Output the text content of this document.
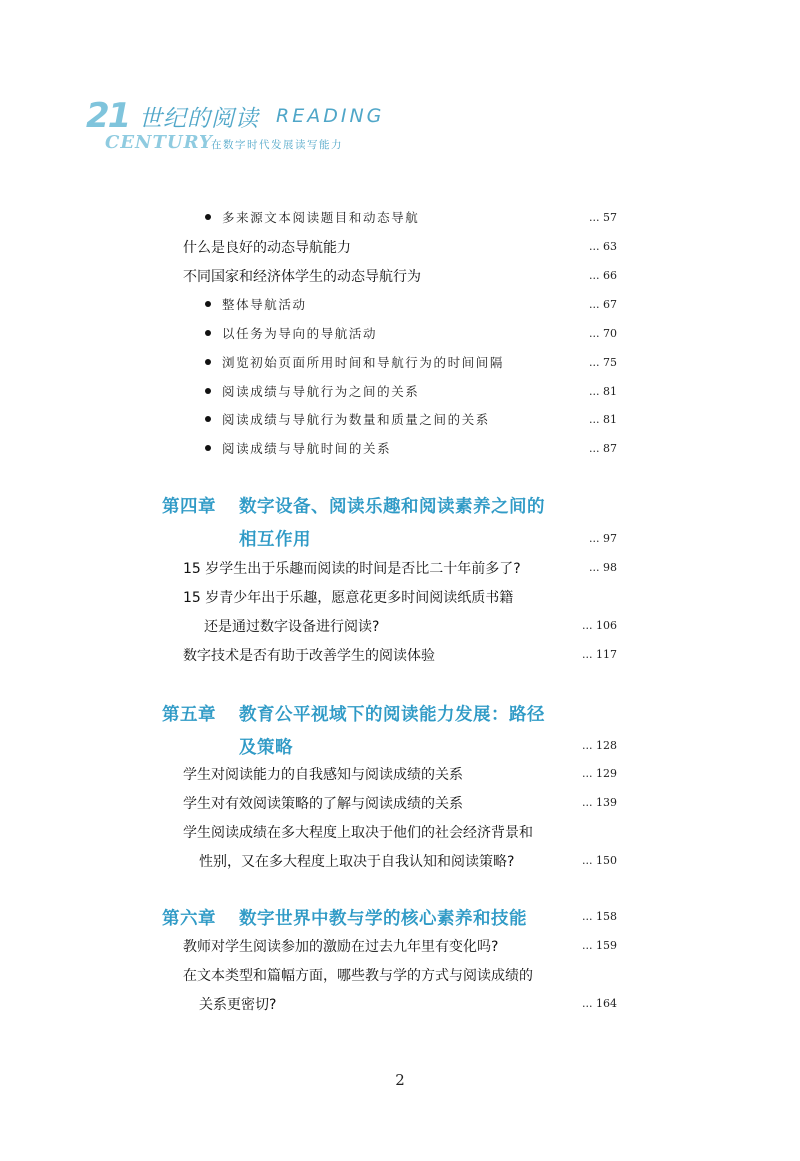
21 世纪的阅读 READING
CENTURY
在数字时代发展读写能力
多来源文本阅读题目和动态导航	... 57
什么是良好的动态导航能力	... 63
不同国家和经济体学生的动态导航行为	... 66
整体导航活动	... 67
以任务为导向的导航活动	... 70
浏览初始页面所用时间和导航行为的时间间隔	... 75
阅读成绩与导航行为之间的关系	... 81
阅读成绩与导航行为数量和质量之间的关系	... 81
阅读成绩与导航时间的关系	... 87
第四章 数字设备、阅读乐趣和阅读素养之间的
相互作用	... 97
15 岁学生出于乐趣而阅读的时间是否比二十年前多了?	... 98
15 岁青少年出于乐趣，愿意花更多时间阅读纸质书籍
还是通过数字设备进行阅读?	... 106
数字技术是否有助于改善学生的阅读体验	... 117
第五章 教育公平视域下的阅读能力发展：路径
及策略	... 128
学生对阅读能力的自我感知与阅读成绩的关系	... 129
学生对有效阅读策略的了解与阅读成绩的关系	... 139
学生阅读成绩在多大程度上取决于他们的社会经济背景和
性别，又在多大程度上取决于自我认知和阅读策略?	... 150
第六章 数字世界中教与学的核心素养和技能	... 158
教师对学生阅读参加的激励在过去九年里有变化吗?	... 159
在文本类型和篇幅方面，哪些教与学的方式与阅读成绩的
关系更密切?	... 164
2
